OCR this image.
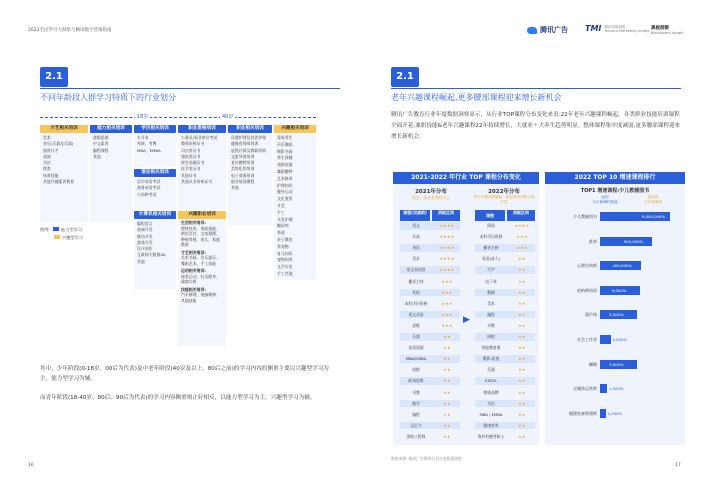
2023全民学习力洞察与腾讯数字营销指南	腾讯广告 TMI 腾讯营销洞察
Tencent Marketing Insight 黑板洞察
Blackboard Insight
2.1
不同年龄段人群学习特质下的行业划分
18岁	40岁
才艺相关培训
美术
音乐(乐器及乐器)
演讲口才
表演
书法
棋类
体育技能
其他兴趣素养教育
能力相关培训
逻辑思维
中文素养
编程课程
其他
学历相关培训
专升本
考研、考博
MBA、EMBA
语言相关培训
留学英语考试
商务英语考试
小语种考试
计算机相关培训
编程语言
前端开发
移动开发
游戏开发
设计创作
互联网大数据/AI
其他
职业资格培训
公务员/事业单位考试
教师资格证书
司法类证书
建筑类证书
财会金融证书
医学类证书
其他证书
其他从业资格证书
兴趣职业培训
生活相关培训:
理财投资、家政技能、烘焙烹饪、宅家调理、种植养殖、育儿、家庭教育
才艺相关培训:
美术书画、音乐器乐、舞蹈艺术、手工技能
运动相关培训:
球类运动、社交健身、瑜伽太极
技能相关培训:
汽车修理、电脑维修、其他技能
职业相关培训
母婴护理及营养护理
健康营养师培训
退役社保及教职培训
文旅导游培训
老年模特培训
美容化妆培训
电子商务培训
职业规划课程
其他
兴趣相关培训
毒家养生
声乐舞蹈
摄影书画
养生保健
戏剧表演
舞蹈模特
艺术修养
护理知识
健身运动
文化鉴赏
才艺
手工
头发护理
糖尿病
茶道
亲子教育
养宠物
育儿知识
宠物饲养
文学历史
手工其他
图例:	能力型学习
兴趣型学习
其中，少年阶段(0-18岁，00后为代表)及中老年阶段(40岁及以上，80后之前)的学习内容的侧重主要以兴趣型学习为主，能力型学习为辅。
而青年阶段(18-40岁，80后、90后为代表)的学习内容侧重则正好相反，以能力型学习为主，兴趣型学习为辅。
16
2.1
老年兴趣课程崛起,更多腰部课程迎来增长新机会
腾讯广告教育行业年度数据洞察显示，从行业TOP课程分布变化来看:22年老年兴趣课程崛起，各类职业技能培训课程全面开花,兼职技能&老年兴趣课程22年持续增长，大就业＋大养生趋势明显。整体课程集中度减弱,更多腰部课程迎来增长新机会。
2021-2022 年行业 TOP 课程分布变化
2021年分布
语言、职业类课程为主
2022年分布
老年兴趣课程崛起，职业教育课程全面开花
课程(双减前)	消耗区间
课程
消耗区间
▶
语文	★★★★
乐高	★★★★
英语	★★★★
美术	★★★★
语文英语套	★★★★
播音主持	★★★
其他	★★★
本科学历资格	★★★
语文双语	★★★
思维	★★★
乐器	★★
英语面面	★★
MBA/EMBA	★★
围棋	★★
职场思维	★★
早教	★★
数学	★★
编程	★★
记忆力	★★
消防工程师	★★
阅读	★★★★
本科学历资格	★★★
播音主持	★★★
英语(成人)	★★
写字	★★
电子琴	★★
数铺	★★
美术	★★
编程	★★
早教	★★
围棋	★★
家庭教育课	★★
摄影-短视	★★
乐器	★★
EXCEL	★★
歌唱品牌	★★
书法	★★
MBA / EMBA	★★
健康营养	★★
海外有模考研士	★★
2022 TOP 10 增速课程排行
TOP1 增速课程:少儿教辅图书
起因
为日耗峰时数值
原因说
为年增速值
少儿教辅图书	9,000,000%
推拿	900,000%
心理咨询师	400,000%
收纳师培训	9,000%
葫芦丝	5,500%
社会工作者	4,000%
蝴蝶	3,000%
全媒体运营师	1,500%
眼镜装备管理师	1,000%
数据来源: 腾讯广告教育行业年度数据洞察
17
